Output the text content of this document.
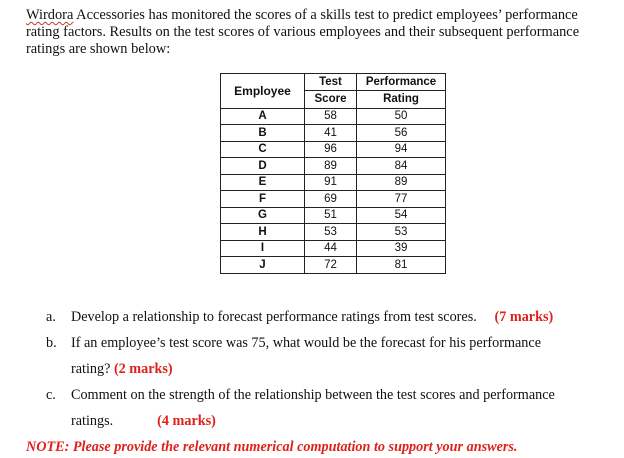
Wirdora Accessories has monitored the scores of a skills test to predict employees’ performance rating factors. Results on the test scores of various employees and their subsequent performance ratings are shown below:

Employee	Test	Performance
	Score	Rating
A	58	50
B	41	56
C	96	94
D	89	84
E	91	89
F	69	77
G	51	54
H	53	53
I	44	39
J	72	81

a. Develop a relationship to forecast performance ratings from test scores. (7 marks)

b. If an employee’s test score was 75, what would be the forecast for his performance

rating? (2 marks)

c. Comment on the strength of the relationship between the test scores and performance

ratings.	(4 marks)

NOTE: Please provide the relevant numerical computation to support your answers.
